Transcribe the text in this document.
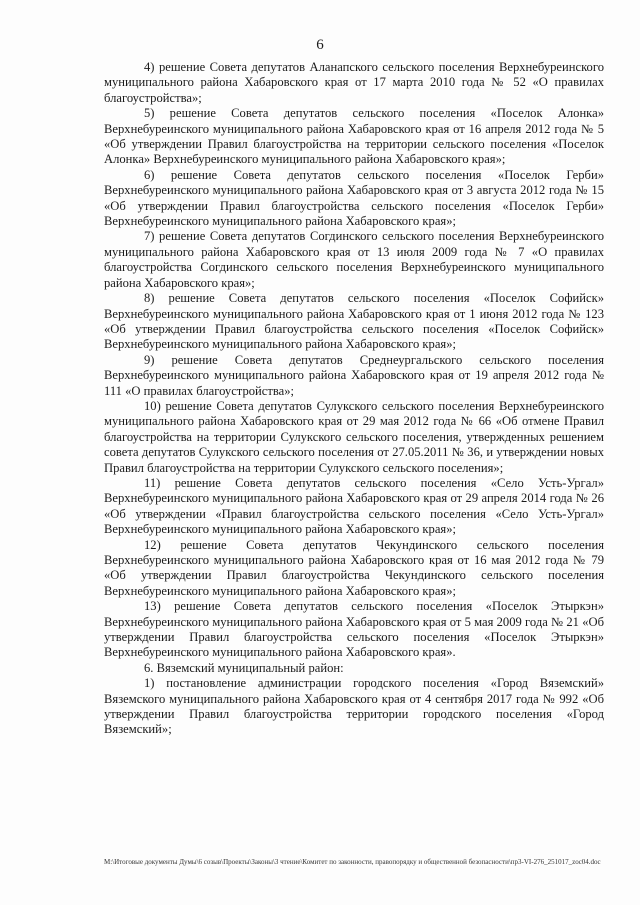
6

4) решение Совета депутатов Аланапского сельского поселения Верхнебуреинского муниципального района Хабаровского края от 17 марта 2010 года № 52 «О правилах благоустройства»;

5) решение Совета депутатов сельского поселения «Поселок Алонка» Верхнебуреинского муниципального района Хабаровского края от 16 апреля 2012 года № 5 «Об утверждении Правил благоустройства на территории сельского поселения «Поселок Алонка» Верхнебуреинского муниципального района Хабаровского края»;

6) решение Совета депутатов сельского поселения «Поселок Герби» Верхнебуреинского муниципального района Хабаровского края от 3 августа 2012 года № 15 «Об утверждении Правил благоустройства сельского поселения «Поселок Герби» Верхнебуреинского муниципального района Хабаровского края»;

7) решение Совета депутатов Согдинского сельского поселения Верхнебуреинского муниципального района Хабаровского края от 13 июля 2009 года № 7 «О правилах благоустройства Согдинского сельского поселения Верхнебуреинского муниципального района Хабаровского края»;

8) решение Совета депутатов сельского поселения «Поселок Софийск» Верхнебуреинского муниципального района Хабаровского края от 1 июня 2012 года № 123 «Об утверждении Правил благоустройства сельского поселения «Поселок Софийск» Верхнебуреинского муниципального района Хабаровского края»;

9) решение Совета депутатов Среднеургальского сельского поселения Верхнебуреинского муниципального района Хабаровского края от 19 апреля 2012 года № 111 «О правилах благоустройства»;

10) решение Совета депутатов Сулукского сельского поселения Верхнебуреинского муниципального района Хабаровского края от 29 мая 2012 года № 66 «Об отмене Правил благоустройства на территории Сулукского сельского поселения, утвержденных решением совета депутатов Сулукского сельского поселения от 27.05.2011 № 36, и утверждении новых Правил благоустройства на территории Сулукского сельского поселения»;

11) решение Совета депутатов сельского поселения «Село Усть-Ургал» Верхнебуреинского муниципального района Хабаровского края от 29 апреля 2014 года № 26 «Об утверждении «Правил благоустройства сельского поселения «Село Усть-Ургал» Верхнебуреинского муниципального района Хабаровского края»;

12) решение Совета депутатов Чекундинского сельского поселения Верхнебуреинского муниципального района Хабаровского края от 16 мая 2012 года № 79 «Об утверждении Правил благоустройства Чекундинского сельского поселения Верхнебуреинского муниципального района Хабаровского края»;

13) решение Совета депутатов сельского поселения «Поселок Этыркэн» Верхнебуреинского муниципального района Хабаровского края от 5 мая 2009 года № 21 «Об утверждении Правил благоустройства сельского поселения «Поселок Этыркэн» Верхнебуреинского муниципального района Хабаровского края».

6. Вяземский муниципальный район:

1) постановление администрации городского поселения «Город Вяземский» Вяземского муниципального района Хабаровского края от 4 сентября 2017 года № 992 «Об утверждении Правил благоустройства территории городского поселения «Город Вяземский»;

M:\Итоговые документы Думы\6 созыв\Проекты\Законы\3 чтение\Комитет по законности, правопорядку и общественной безопасности\пр3-VI-276_251017_zoc04.doc
